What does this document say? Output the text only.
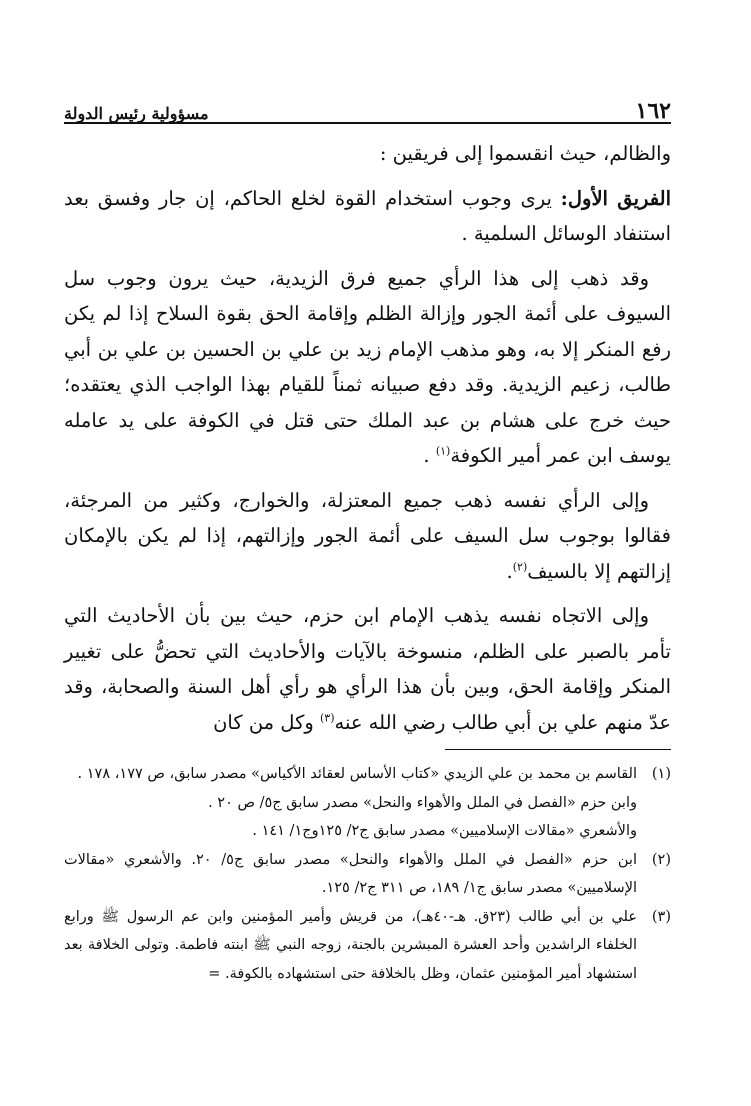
١٦٢
مسؤولية رئيس الدولة

والظالم، حيث انقسموا إلى فريقين :

الفريق الأول: يرى وجوب استخدام القوة لخلع الحاكم، إن جار وفسق بعد استنفاد الوسائل السلمية .

وقد ذهب إلى هذا الرأي جميع فرق الزيدية، حيث يرون وجوب سل السيوف على أئمة الجور وإزالة الظلم وإقامة الحق بقوة السلاح إذا لم يكن رفع المنكر إلا به، وهو مذهب الإمام زيد بن علي بن الحسين بن علي بن أبي طالب، زعيم الزيدية. وقد دفع صبيانه ثمناً للقيام بهذا الواجب الذي يعتقده؛ حيث خرج على هشام بن عبد الملك حتى قتل في الكوفة على يد عامله يوسف ابن عمر أمير الكوفة$^{(١)}$ .

وإلى الرأي نفسه ذهب جميع المعتزلة، والخوارج، وكثير من المرجئة، فقالوا بوجوب سل السيف على أئمة الجور وإزالتهم، إذا لم يكن بالإمكان إزالتهم إلا بالسيف$^{(٢)}$.

وإلى الاتجاه نفسه يذهب الإمام ابن حزم، حيث بين بأن الأحاديث التي تأمر بالصبر على الظلم، منسوخة بالآيات والأحاديث التي تحضُّ على تغيير المنكر وإقامة الحق، وبين بأن هذا الرأي هو رأي أهل السنة والصحابة، وقد عدّ منهم علي بن أبي طالب رضي الله عنه$^{(٣)}$ وكل من كان

(١)
القاسم بن محمد بن علي الزيدي «كتاب الأساس لعقائد الأكياس» مصدر سابق، ص ١٧٧، ١٧٨ .
وابن حزم «الفصل في الملل والأهواء والنحل» مصدر سابق ج٥/ ص ٢٠ .
والأشعري «مقالات الإسلاميين» مصدر سابق ج٢/ ١٢٥وج١/ ١٤١ .
(٢)
ابن حزم «الفصل في الملل والأهواء والنحل» مصدر سابق ج٥/ ٢٠. والأشعري «مقالات الإسلاميين» مصدر سابق ج١/ ١٨٩، ص ٣١١ ج٢/ ١٢٥.
(٣)
علي بن أبي طالب (٢٣ق. هـ-٤٠هـ)، من قريش وأمير المؤمنين وابن عم الرسول ﷺ ورابع الخلفاء الراشدين وأحد العشرة المبشرين بالجنة، زوجه النبي ﷺ ابنته فاطمة. وتولى الخلافة بعد استشهاد أمير المؤمنين عثمان، وظل بالخلافة حتى استشهاده بالكوفة. =
